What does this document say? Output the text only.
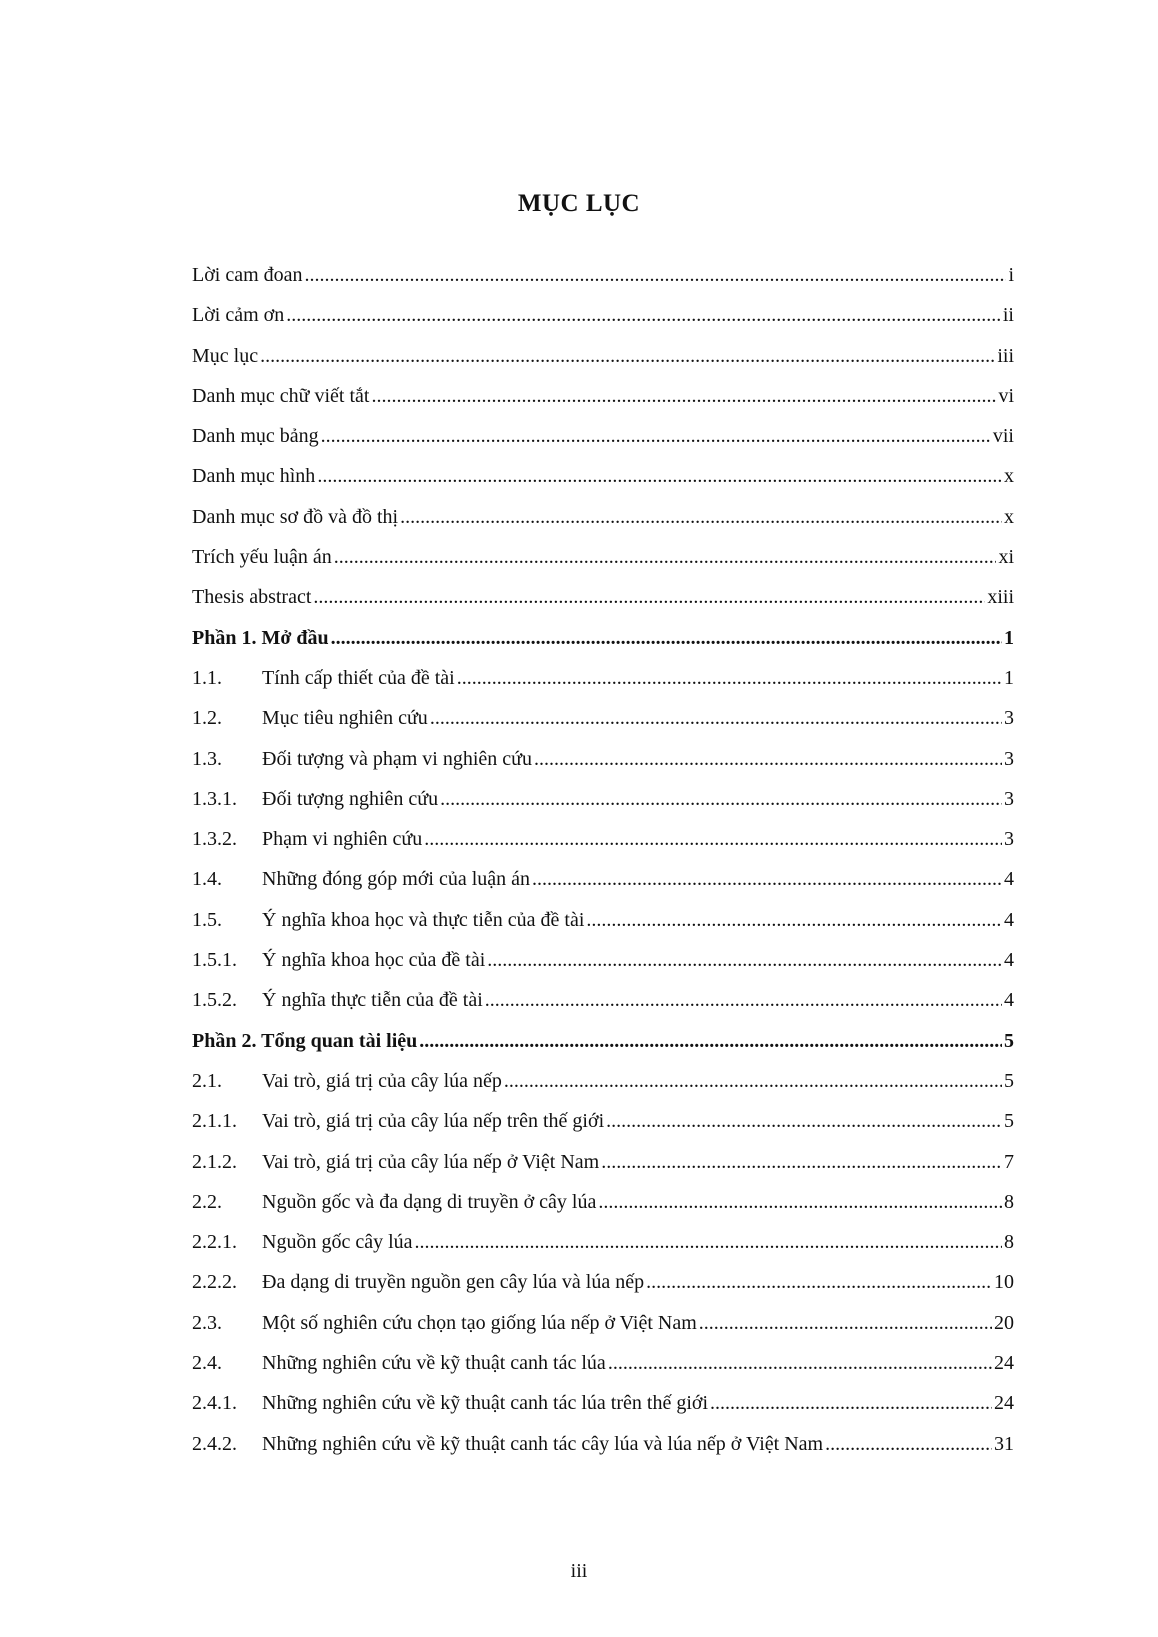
MỤC LỤC
Lời cam đoan .....	i
Lời cảm ơn .....	ii
Mục lục .....	iii
Danh mục chữ viết tắt .....	vi
Danh mục bảng .....	vii
Danh mục hình .....	x
Danh mục sơ đồ và đồ thị .....	x
Trích yếu luận án .....	xi
Thesis abstract .....	xiii
Phần 1. Mở đầu .....	1
1.1.	Tính cấp thiết của đề tài .....	1
1.2.	Mục tiêu nghiên cứu .....	3
1.3.	Đối tượng và phạm vi nghiên cứu .....	3
1.3.1.	Đối tượng nghiên cứu .....	3
1.3.2.	Phạm vi nghiên cứu .....	3
1.4.	Những đóng góp mới của luận án .....	4
1.5.	Ý nghĩa khoa học và thực tiễn của đề tài .....	4
1.5.1.	Ý nghĩa khoa học của đề tài .....	4
1.5.2.	Ý nghĩa thực tiễn của đề tài .....	4
Phần 2. Tổng quan tài liệu .....	5
2.1.	Vai trò, giá trị của cây lúa nếp .....	5
2.1.1.	Vai trò, giá trị của cây lúa nếp trên thế giới .....	5
2.1.2.	Vai trò, giá trị của cây lúa nếp ở Việt Nam .....	7
2.2.	Nguồn gốc và đa dạng di truyền ở cây lúa .....	8
2.2.1.	Nguồn gốc cây lúa .....	8
2.2.2.	Đa dạng di truyền nguồn gen cây lúa và lúa nếp .....	10
2.3.	Một số nghiên cứu chọn tạo giống lúa nếp ở Việt Nam .....	20
2.4.	Những nghiên cứu về kỹ thuật canh tác lúa .....	24
2.4.1.	Những nghiên cứu về kỹ thuật canh tác lúa trên thế giới .....	24
2.4.2.	Những nghiên cứu về kỹ thuật canh tác cây lúa và lúa nếp ở Việt Nam .....	31
iii
